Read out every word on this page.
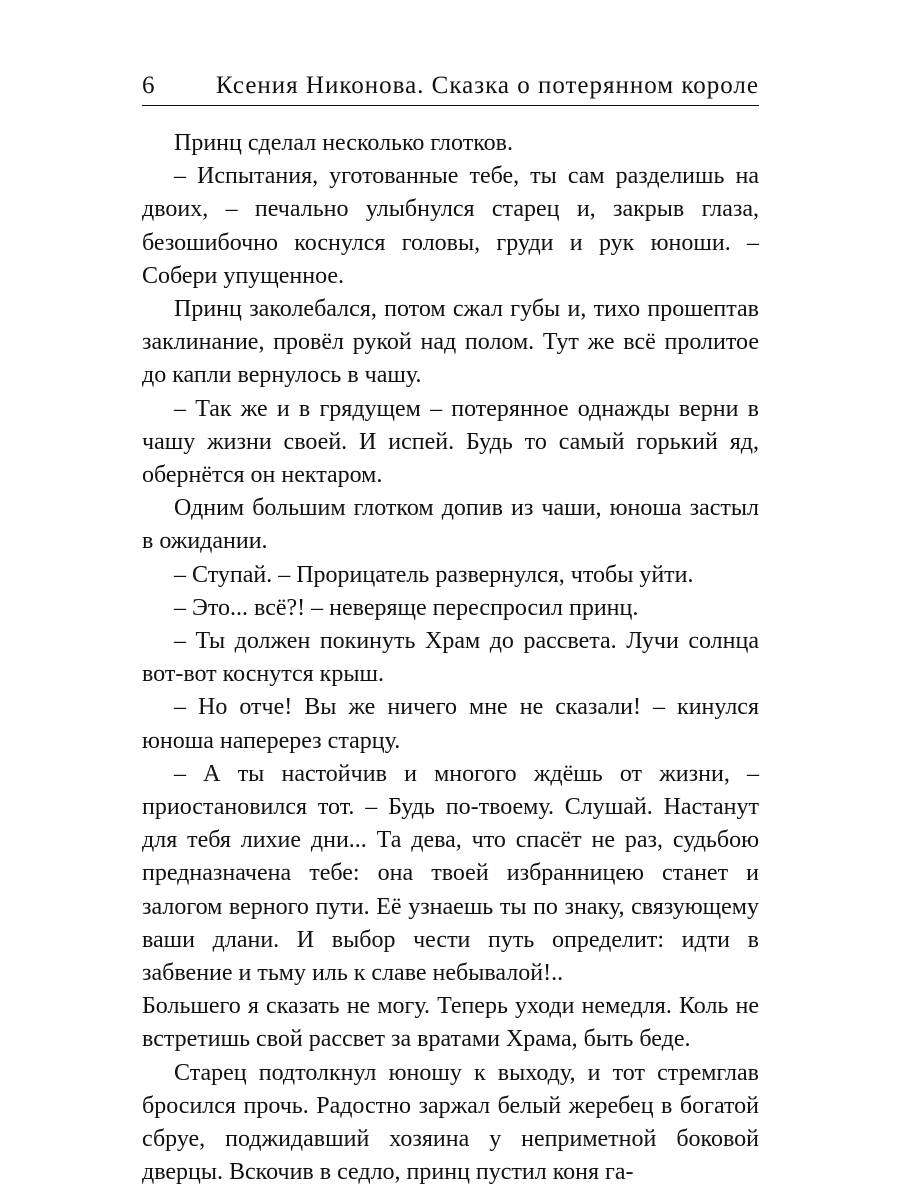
6 Ксения Никонова. Сказка о потерянном короле

Принц сделал несколько глотков.

– Испытания, уготованные тебе, ты сам разделишь на двоих, – печально улыбнулся старец и, закрыв глаза, безошибочно коснулся головы, груди и рук юноши. – Собери упущенное.

Принц заколебался, потом сжал губы и, тихо прошептав заклинание, провёл рукой над полом. Тут же всё пролитое до капли вернулось в чашу.

– Так же и в грядущем – потерянное однажды верни в чашу жизни своей. И испей. Будь то самый горький яд, обернётся он нектаром.

Одним большим глотком допив из чаши, юноша застыл в ожидании.

– Ступай. – Прорицатель развернулся, чтобы уйти.

– Это... всё?! – неверяще переспросил принц.

– Ты должен покинуть Храм до рассвета. Лучи солнца вот-вот коснутся крыш.

– Но отче! Вы же ничего мне не сказали! – кинулся юноша наперерез старцу.

– А ты настойчив и многого ждёшь от жизни, – приостановился тот. – Будь по-твоему. Слушай. Настанут для тебя лихие дни... Та дева, что спасёт не раз, судьбою предназначена тебе: она твоей избранницею станет и залогом верного пути. Её узнаешь ты по знаку, связующему ваши длани. И выбор чести путь определит: идти в забвение и тьму иль к славе небывалой!..

Большего я сказать не могу. Теперь уходи немедля. Коль не встретишь свой рассвет за вратами Храма, быть беде.

Старец подтолкнул юношу к выходу, и тот стремглав бросился прочь. Радостно заржал белый жеребец в богатой сбруе, поджидавший хозяина у неприметной боковой дверцы. Вскочив в седло, принц пустил коня га-
